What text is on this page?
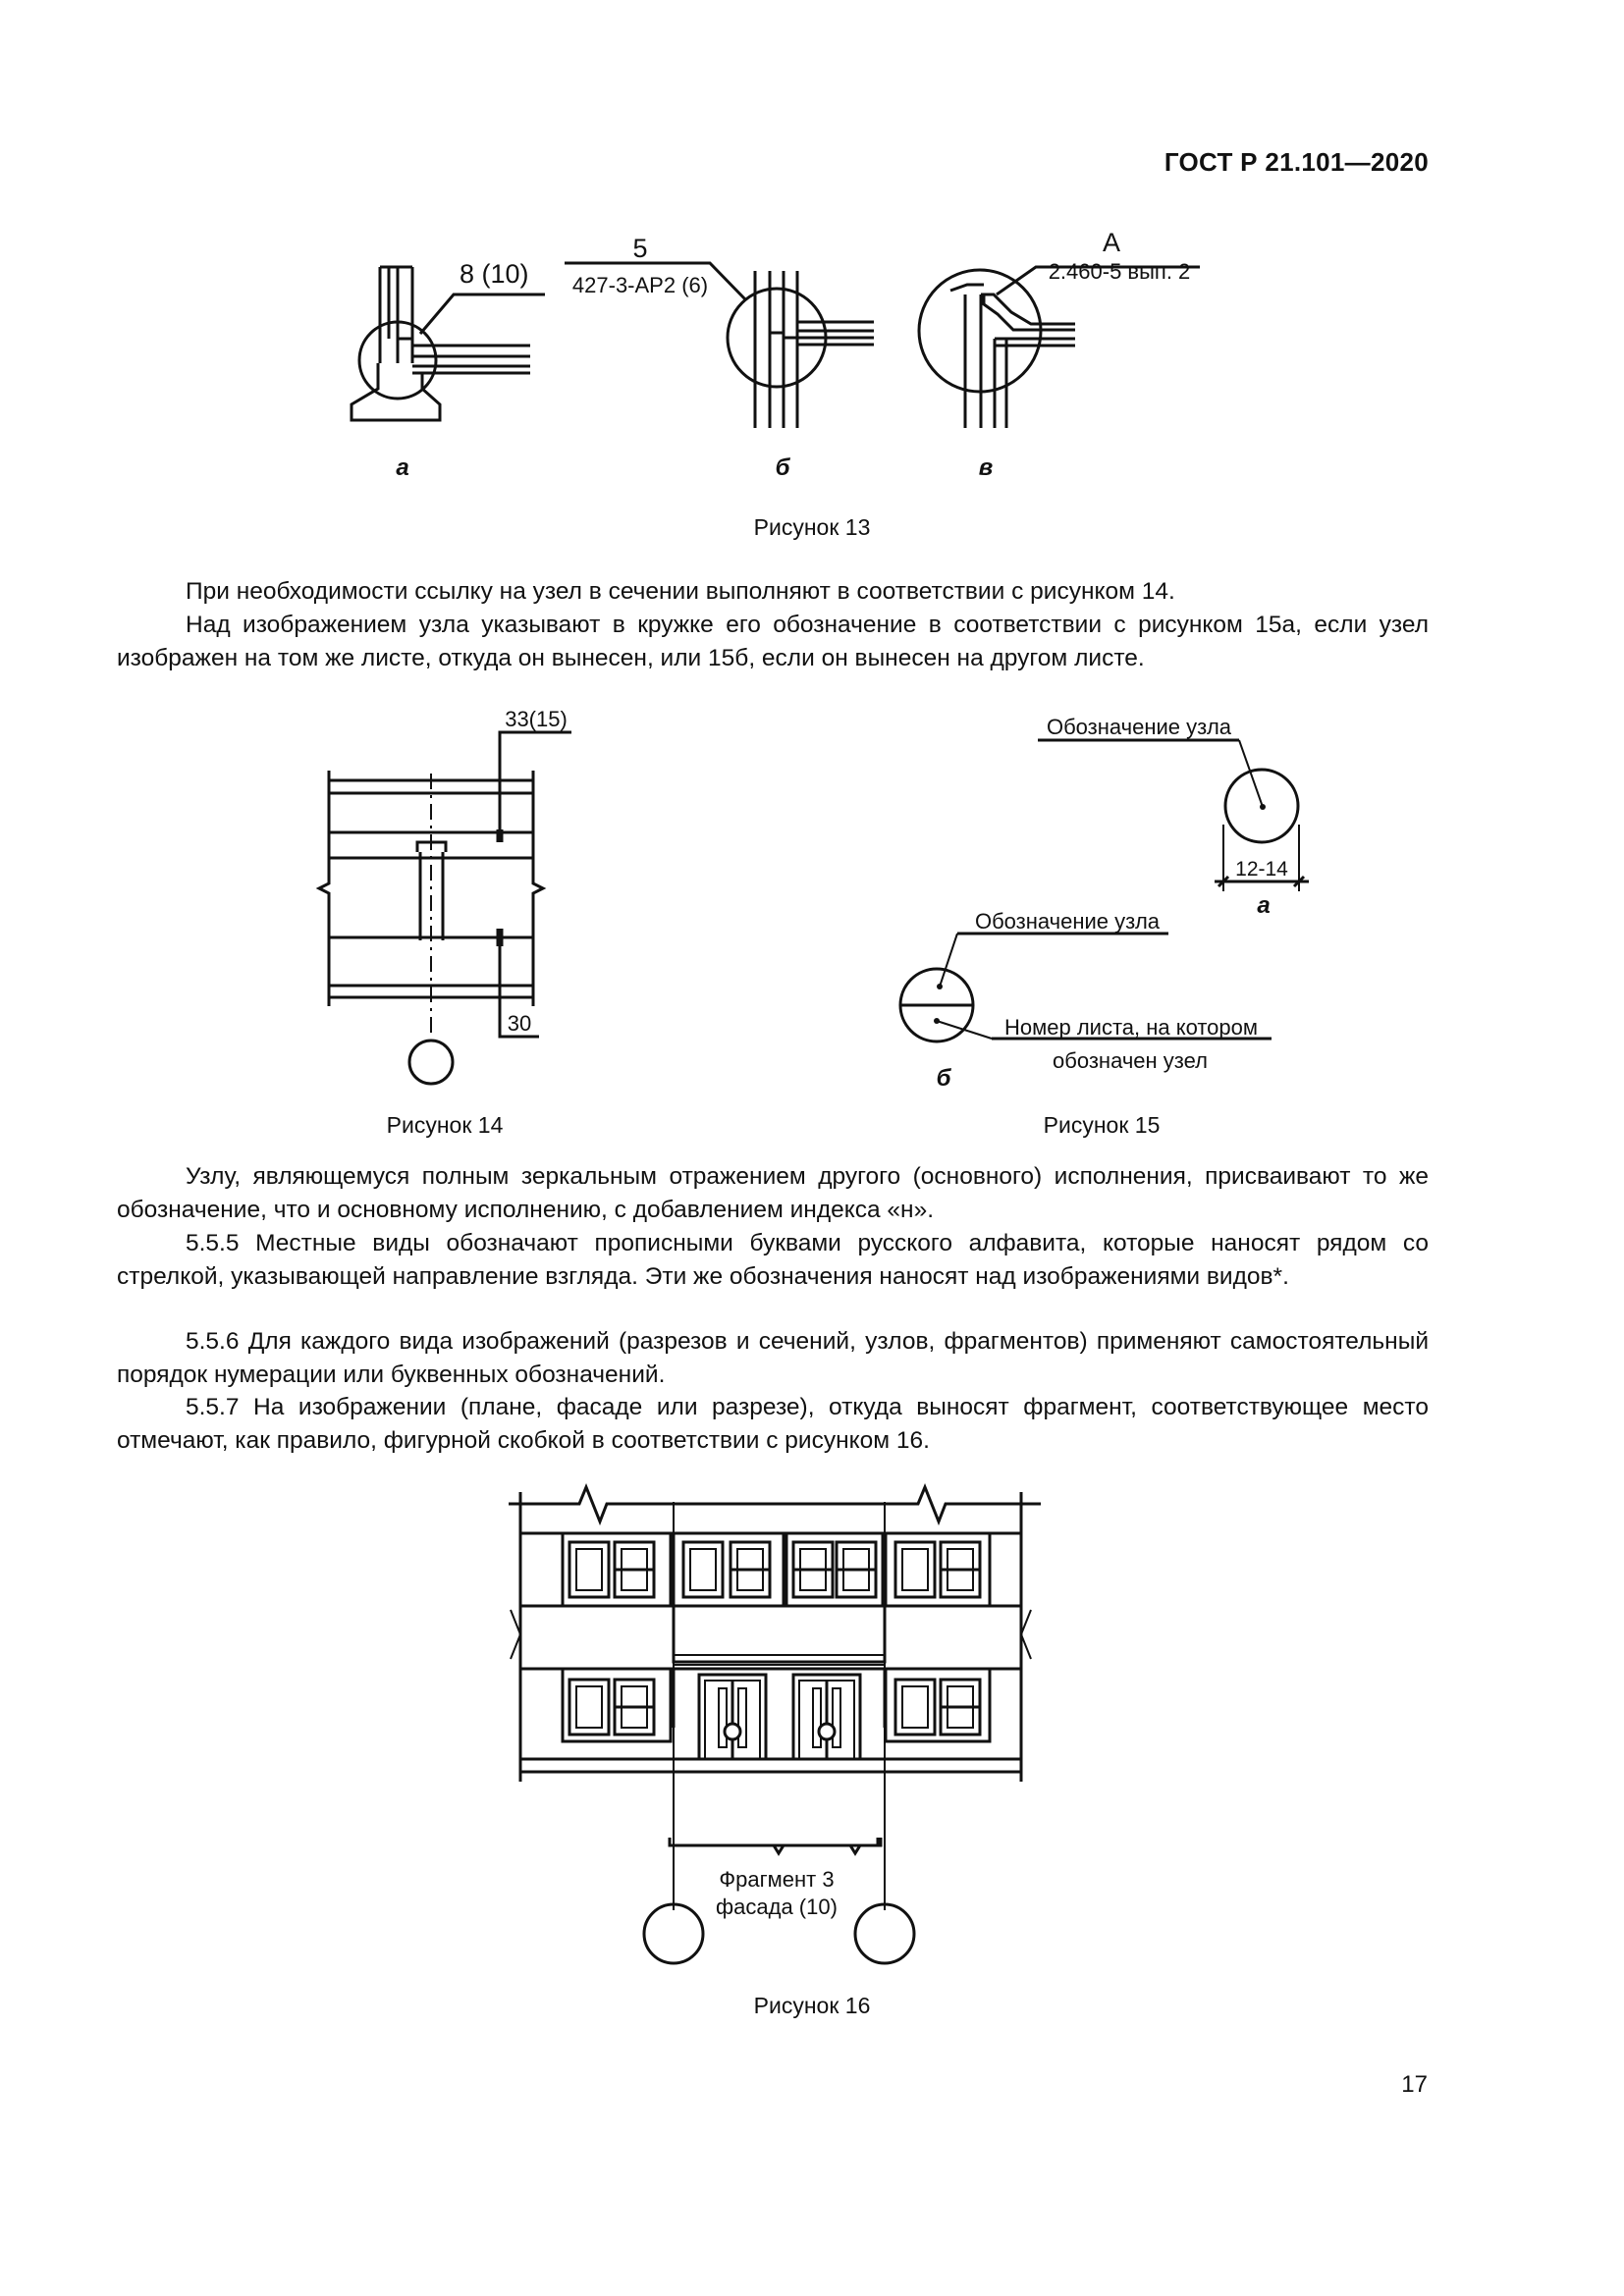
ГОСТ Р 21.101—2020
8 (10)
а
5
427-3-АР2 (6)
б
А
2.460-5 вып. 2
в
33(15)
30
Обозначение узла
12-14
а
Обозначение узла
Номер листа, на котором
обозначен узел
б
Фрагмент 3
фасада (10)
Рисунок 13
Рисунок 14	Рисунок 15
Рисунок 16
При необходимости ссылку на узел в сечении выполняют в соответствии с рисунком 14.
Над изображением узла указывают в кружке его обозначение в соответствии с рисунком 15а, если узел изображен на том же листе, откуда он вынесен, или 15б, если он вынесен на другом листе.
Узлу, являющемуся полным зеркальным отражением другого (основного) исполнения, присваивают то же обозначение, что и основному исполнению, с добавлением индекса «н».
5.5.5 Местные виды обозначают прописными буквами русского алфавита, которые наносят рядом со стрелкой, указывающей направление взгляда. Эти же обозначения наносят над изображениями видов*.
5.5.6 Для каждого вида изображений (разрезов и сечений, узлов, фрагментов) применяют самостоятельный порядок нумерации или буквенных обозначений.
5.5.7 На изображении (плане, фасаде или разрезе), откуда выносят фрагмент, соответствующее место отмечают, как правило, фигурной скобкой в соответствии с рисунком 16.
17
